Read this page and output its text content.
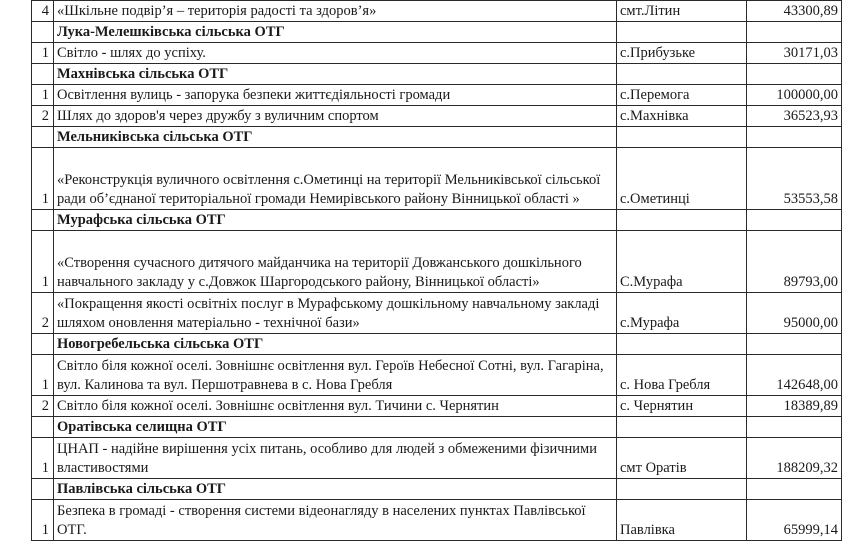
4	«Шкільне подвір’я – територія радості та здоров’я»	смт.Літин	43300,89
	Лука-Мелешківська сільська ОТГ		
1	Світло - шлях до успіху.	с.Прибузьке	30171,03
	Махнівська сільська ОТГ		
1	Освітлення вулиць - запорука безпеки життєдіяльності громади	с.Перемога	100000,00
2	Шлях до здоров'я через дружбу з вуличним спортом	с.Махнівка	36523,93
	Мельниківська сільська ОТГ		
1	«Реконструкція вуличного освітлення с.Ометинці на території Мельниківської сільської ради об’єднаної територіальної громади Немирівського району Вінницької області »	с.Ометинці	53553,58
	Мурафська сільська ОТГ		
1	«Створення сучасного дитячого майданчика на території Довжанського дошкільного навчального закладу у с.Довжок Шаргородського району, Вінницької області»	С.Мурафа	89793,00
2	«Покращення якості освітніх послуг в Мурафському дошкільному навчальному закладі шляхом оновлення матеріально - технічної бази»	с.Мурафа	95000,00
	Новогребельська сільська ОТГ		
1	Світло біля кожної оселі. Зовнішнє освітлення вул. Героїв Небесної Сотні, вул. Гагаріна, вул. Калинова та вул. Першотравнева в с. Нова Гребля	с. Нова Гребля	142648,00
2	Світло біля кожної оселі. Зовнішнє освітлення вул. Тичини с. Чернятин	с. Чернятин	18389,89
	Оратівська селищна ОТГ		
1	ЦНАП - надійне вирішення усіх питань, особливо для людей з обмеженими фізичними властивостями	смт Оратів	188209,32
	Павлівська сільська ОТГ		
1	Безпека в громаді - створення системи відеонагляду в населених пунктах Павлівської ОТГ.	Павлівка	65999,14
